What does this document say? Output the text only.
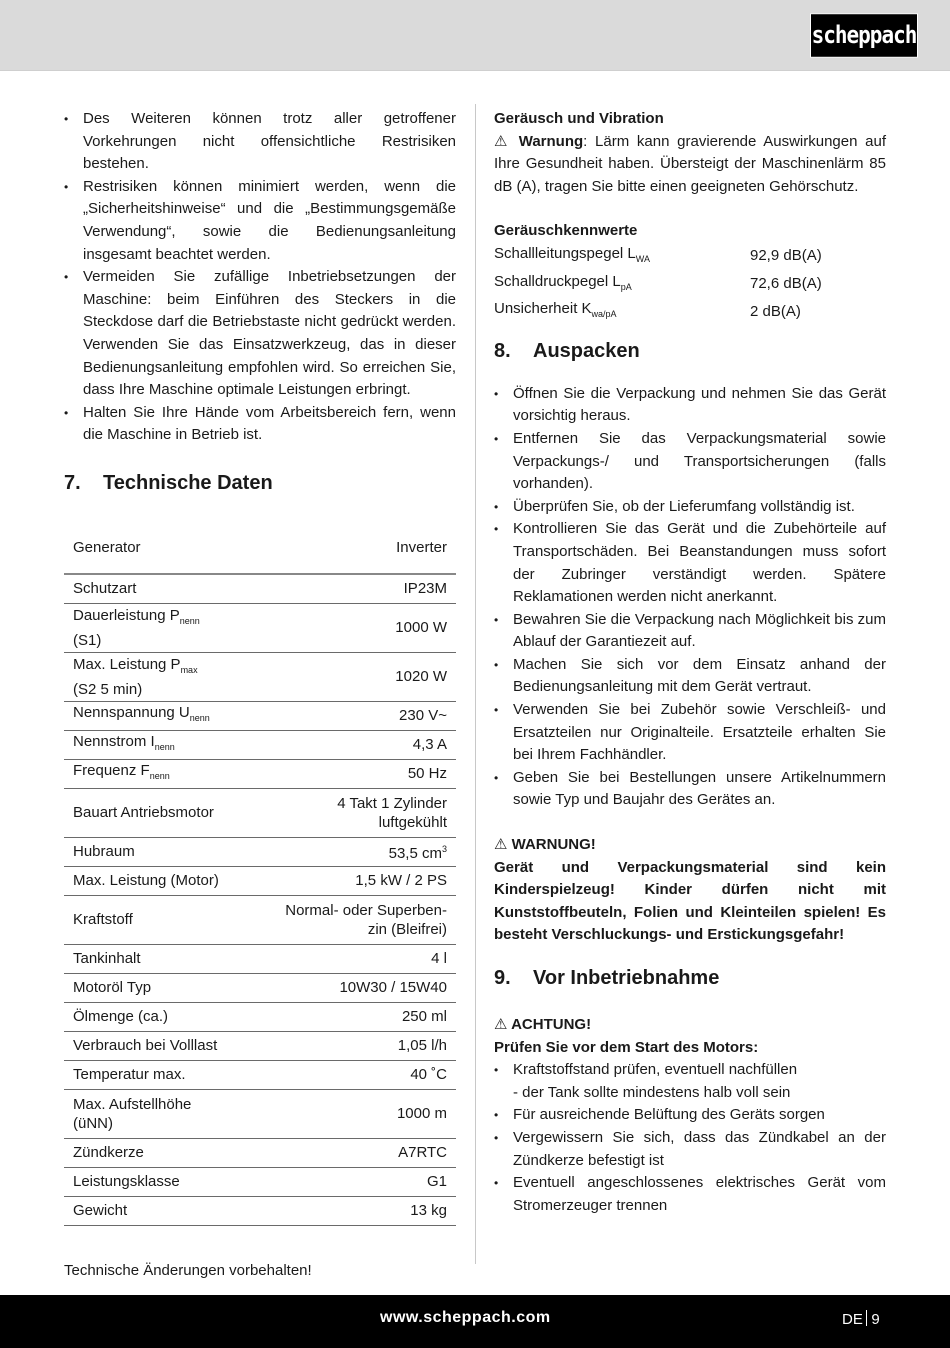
scheppach
• Des Weiteren können trotz aller getroffener Vorkehrungen nicht offensichtliche Restrisiken bestehen.
• Restrisiken können minimiert werden, wenn die „Sicherheitshinweise“ und die „Bestimmungsgemäße Verwendung“, sowie die Bedienungsanleitung insgesamt beachtet werden.
• Vermeiden Sie zufällige Inbetriebsetzungen der Maschine: beim Einführen des Steckers in die Steckdose darf die Betriebstaste nicht gedrückt werden. Verwenden Sie das Einsatzwerkzeug, das in dieser Bedienungsanleitung empfohlen wird. So erreichen Sie, dass Ihre Maschine optimale Leistungen erbringt.
• Halten Sie Ihre Hände vom Arbeitsbereich fern, wenn die Maschine in Betrieb ist.
7.	Technische Daten
Generator	Inverter
Schutzart	IP23M
Dauerleistung $P_{nenn}$
(S1)	1000 W
Max. Leistung $P_{max}$
(S2 5 min)	1020 W
Nennspannung $U_{nenn}$	230 V~
Nennstrom $I_{nenn}$	4,3 A
Frequenz $F_{nenn}$	50 Hz
Bauart Antriebsmotor	4 Takt 1 Zylinder
luftgekühlt
Hubraum	53,5 $cm^3$
Max. Leistung (Motor)	1,5 kW / 2 PS
Kraftstoff	Normal- oder Superben-
zin (Bleifrei)
Tankinhalt	4 l
Motoröl Typ	10W30 / 15W40
Ölmenge (ca.)	250 ml
Verbrauch bei Volllast	1,05 l/h
Temperatur max.	40 ˚C
Max. Aufstellhöhe
(üNN)	1000 m
Zündkerze	A7RTC
Leistungsklasse	G1
Gewicht	13 kg

Technische Änderungen vorbehalten!

Geräusch und Vibration

⚠ Warnung: Lärm kann gravierende Auswirkungen auf Ihre Gesundheit haben. Übersteigt der Maschinenlärm 85 dB (A), tragen Sie bitte einen geeigneten Gehörschutz.

Geräuschkennwerte
Schallleitungspegel $L_{WA}$	92,9 dB(A)
Schalldruckpegel $L_{pA}$	72,6 dB(A)
Unsicherheit $K_{wa/pA}$	2 dB(A)
8.	Auspacken
• Öffnen Sie die Verpackung und nehmen Sie das Gerät vorsichtig heraus.
• Entfernen Sie das Verpackungsmaterial sowie Verpackungs-/ und Transportsicherungen (falls vorhanden).
• Überprüfen Sie, ob der Lieferumfang vollständig ist.
• Kontrollieren Sie das Gerät und die Zubehörteile auf Transportschäden. Bei Beanstandungen muss sofort der Zubringer verständigt werden. Spätere Reklamationen werden nicht anerkannt.
• Bewahren Sie die Verpackung nach Möglichkeit bis zum Ablauf der Garantiezeit auf.
• Machen Sie sich vor dem Einsatz anhand der Bedienungsanleitung mit dem Gerät vertraut.
• Verwenden Sie bei Zubehör sowie Verschleiß- und Ersatzteilen nur Originalteile. Ersatzteile erhalten Sie bei Ihrem Fachhändler.
• Geben Sie bei Bestellungen unsere Artikelnummern sowie Typ und Baujahr des Gerätes an.
⚠ WARNUNG!
Gerät und Verpackungsmaterial sind kein Kinderspielzeug! Kinder dürfen nicht mit Kunststoffbeuteln, Folien und Kleinteilen spielen! Es besteht Verschluckungs- und Erstickungsgefahr!
9.	Vor Inbetriebnahme
⚠ ACHTUNG!
Prüfen Sie vor dem Start des Motors:
• Kraftstoffstand prüfen, eventuell nachfüllen
- der Tank sollte mindestens halb voll sein
• Für ausreichende Belüftung des Geräts sorgen
• Vergewissern Sie sich, dass das Zündkabel an der Zündkerze befestigt ist
• Eventuell angeschlossenes elektrisches Gerät vom Stromerzeuger trennen
www.scheppach.com	DE 9
